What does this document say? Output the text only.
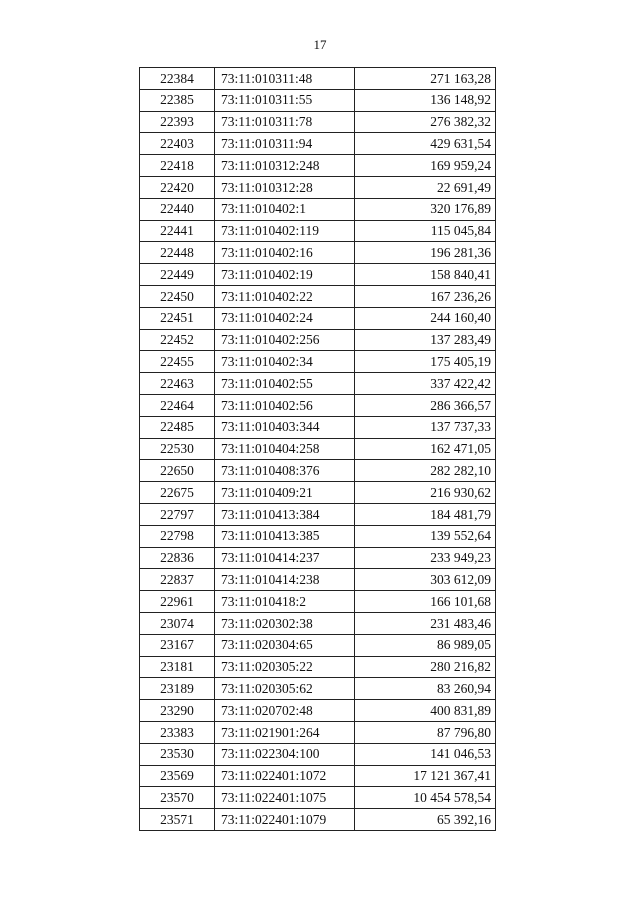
17
22384	73:11:010311:48	271 163,28
22385	73:11:010311:55	136 148,92
22393	73:11:010311:78	276 382,32
22403	73:11:010311:94	429 631,54
22418	73:11:010312:248	169 959,24
22420	73:11:010312:28	22 691,49
22440	73:11:010402:1	320 176,89
22441	73:11:010402:119	115 045,84
22448	73:11:010402:16	196 281,36
22449	73:11:010402:19	158 840,41
22450	73:11:010402:22	167 236,26
22451	73:11:010402:24	244 160,40
22452	73:11:010402:256	137 283,49
22455	73:11:010402:34	175 405,19
22463	73:11:010402:55	337 422,42
22464	73:11:010402:56	286 366,57
22485	73:11:010403:344	137 737,33
22530	73:11:010404:258	162 471,05
22650	73:11:010408:376	282 282,10
22675	73:11:010409:21	216 930,62
22797	73:11:010413:384	184 481,79
22798	73:11:010413:385	139 552,64
22836	73:11:010414:237	233 949,23
22837	73:11:010414:238	303 612,09
22961	73:11:010418:2	166 101,68
23074	73:11:020302:38	231 483,46
23167	73:11:020304:65	86 989,05
23181	73:11:020305:22	280 216,82
23189	73:11:020305:62	83 260,94
23290	73:11:020702:48	400 831,89
23383	73:11:021901:264	87 796,80
23530	73:11:022304:100	141 046,53
23569	73:11:022401:1072	17 121 367,41
23570	73:11:022401:1075	10 454 578,54
23571	73:11:022401:1079	65 392,16
